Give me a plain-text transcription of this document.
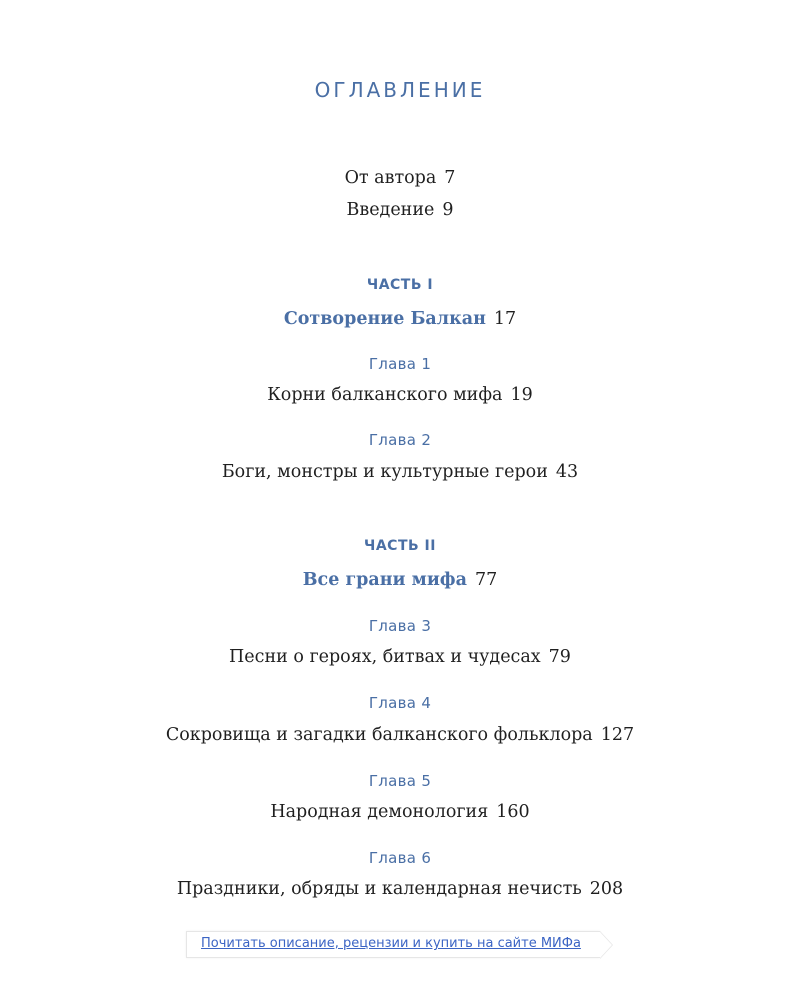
ОГЛАВЛЕНИЕ
От автора 7
Введение 9
ЧАСТЬ I
Сотворение Балкан 17
Глава 1
Корни балканского мифа 19
Глава 2
Боги, монстры и культурные герои 43
ЧАСТЬ II
Все грани мифа 77
Глава 3
Песни о героях, битвах и чудесах 79
Глава 4
Сокровища и загадки балканского фольклора 127
Глава 5
Народная демонология 160
Глава 6
Праздники, обряды и календарная нечисть 208
Почитать описание, рецензии и купить на сайте МИФа
